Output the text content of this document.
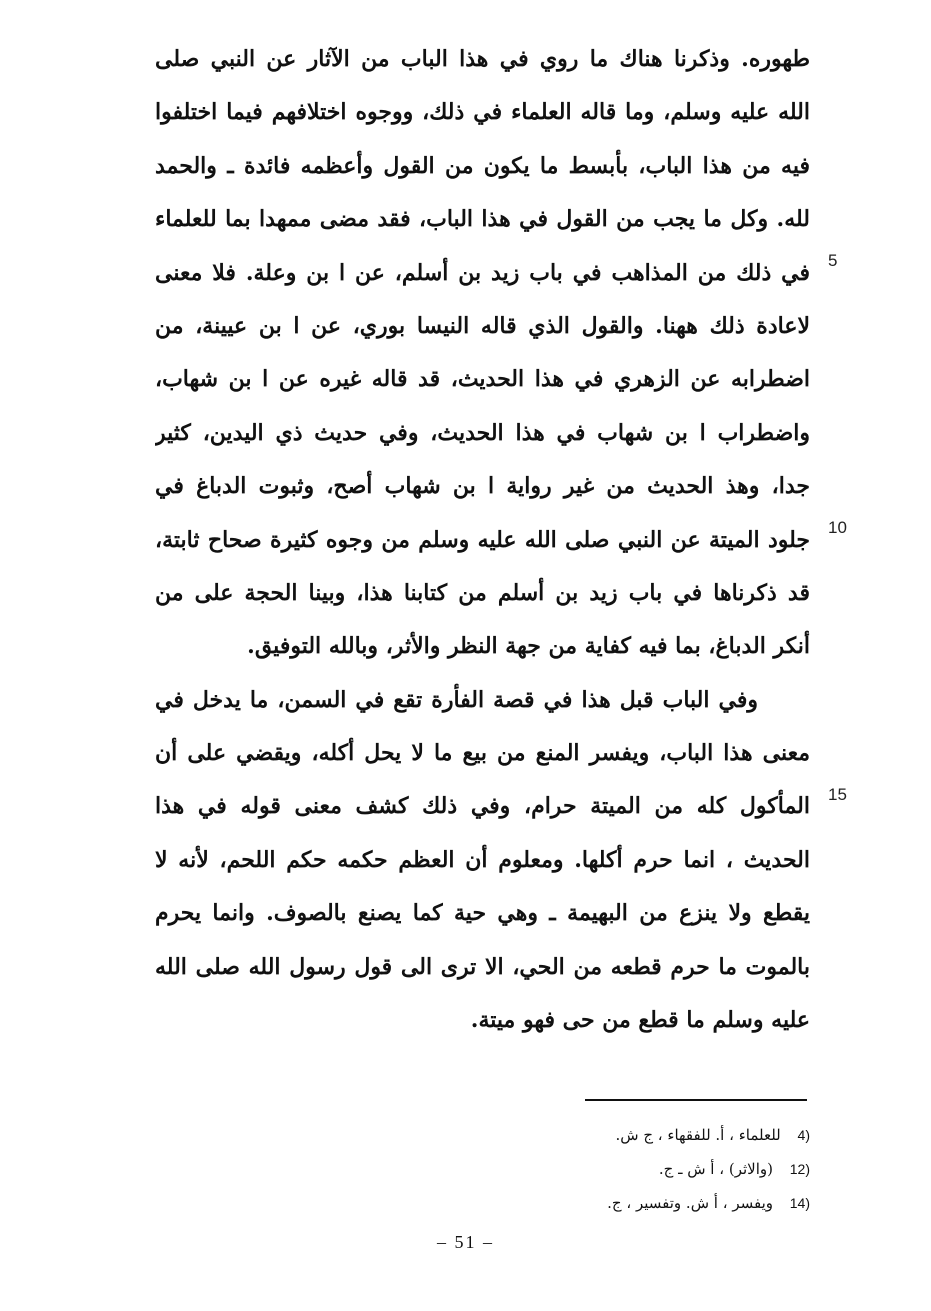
طهوره. وذكرنا هناك ما روي في هذا الباب من الآثار عن النبي صلى
الله عليه وسلم، وما قاله العلماء في ذلك، ووجوه اختلافهم فيما اختلفوا
فيه من هذا الباب، بأبسط ما يكون من القول وأعظمه فائدة ـ والحمد
لله. وكل ما يجب من القول في هذا الباب، فقد مضى ممهدا بما للعلماء
في ذلك من المذاهب في باب زيد بن أسلم، عن ا بن وعلة. فلا معنى
لاعادة ذلك ههنا. والقول الذي قاله النيسا بوري، عن ا بن عيينة، من
اضطرابه عن الزهري في هذا الحديث، قد قاله غيره عن ا بن شهاب،
واضطراب ا بن شهاب في هذا الحديث، وفي حديث ذي اليدين، كثير
جدا، وهذ الحديث من غير رواية ا بن شهاب أصح، وثبوت الدباغ في
جلود الميتة عن النبي صلى الله عليه وسلم من وجوه كثيرة صحاح ثابتة،
قد ذكرناها في باب زيد بن أسلم من كتابنا هذا، وبينا الحجة على من
أنكر الدباغ، بما فيه كفاية من جهة النظر والأثر، وبالله التوفيق.
وفي الباب قبل هذا في قصة الفأرة تقع في السمن، ما يدخل في
معنى هذا الباب، ويفسر المنع من بيع ما لا يحل أكله، ويقضي على أن
المأكول كله من الميتة حرام، وفي ذلك كشف معنى قوله في هذا
الحديث ، انما حرم أكلها. ومعلوم أن العظم حكمه حكم اللحم، لأنه لا
يقطع ولا ينزع من البهيمة ـ وهي حية كما يصنع بالصوف. وانما يحرم
بالموت ما حرم قطعه من الحي، الا ترى الى قول رسول الله صلى الله
عليه وسلم ما قطع من حى فهو ميتة.
5
10
15
4) للعلماء ، أ. للفقهاء ، ج ش.
12) (والاثر) ، أ ش ـ ج.
14) ويفسر ، أ ش. وتفسير ، ج.
– 51 –
